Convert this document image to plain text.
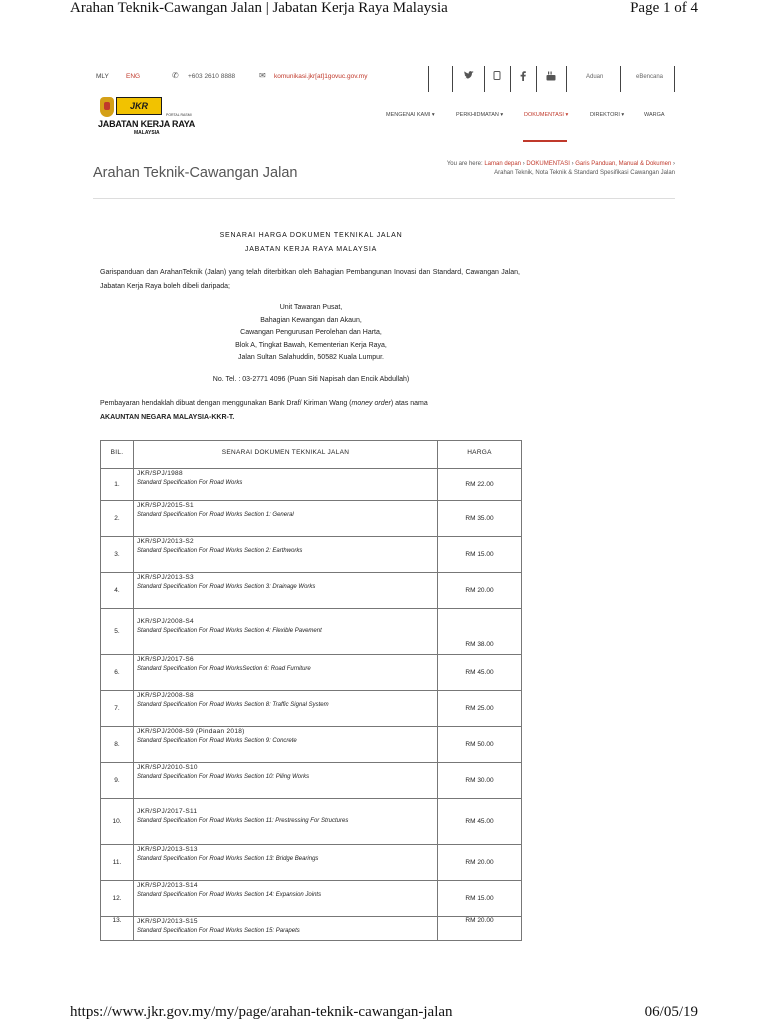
Arahan Teknik-Cawangan Jalan | Jabatan Kerja Raya Malaysia	Page 1 of 4
MLY	ENG	✆ +603 2610 8888	✉ komunikasi.jkr[at]1govuc.gov.my	Aduan	eBencana
JKR
PORTAL RASMI
JABATAN KERJA RAYA
MALAYSIA
MENGENAI KAMI ▾	PERKHIDMATAN ▾	DOKUMENTASI ▾	DIREKTORI ▾	WARGA
Arahan Teknik-Cawangan Jalan
You are here: Laman depan › DOKUMENTASI › Garis Panduan, Manual & Dokumen › Arahan Teknik, Nota Teknik & Standard Spesifikasi Cawangan Jalan
SENARAI HARGA DOKUMEN TEKNIKAL JALAN
JABATAN KERJA RAYA MALAYSIA

Garispanduan dan ArahanTeknik (Jalan) yang telah diterbitkan oleh Bahagian Pembangunan Inovasi dan Standard, Cawangan Jalan, Jabatan Kerja Raya boleh dibeli daripada;

Unit Tawaran Pusat,
Bahagian Kewangan dan Akaun,
Cawangan Pengurusan Perolehan dan Harta,
Blok A, Tingkat Bawah, Kementerian Kerja Raya,
Jalan Sultan Salahuddin, 50582 Kuala Lumpur.
No. Tel. : 03-2771 4096 (Puan Siti Napisah dan Encik Abdullah)

Pembayaran hendaklah dibuat dengan menggunakan Bank Draf/ Kiriman Wang (money order) atas nama
AKAUNTAN NEGARA MALAYSIA-KKR-T.

BIL.	SENARAI DOKUMEN TEKNIKAL JALAN	HARGA
1.	JKR/SPJ/1988
Standard Specification For Road Works	RM 22.00
2.	JKR/SPJ/2015-S1
Standard Specification For Road Works Section 1: General	RM 35.00
3.	JKR/SPJ/2013-S2
Standard Specification For Road Works Section 2: Earthworks	RM 15.00
4.	JKR/SPJ/2013-S3
Standard Specification For Road Works Section 3: Drainage Works	RM 20.00
5.	JKR/SPJ/2008-S4
Standard Specification For Road Works Section 4: Flexible Pavement	RM 38.00
6.	JKR/SPJ/2017-S6
Standard Specification For Road WorksSection 6: Road Furniture	RM 45.00
7.	JKR/SPJ/2008-S8
Standard Specification For Road Works Section 8: Traffic Signal System	RM 25.00
8.	JKR/SPJ/2008-S9 (Pindaan 2018)
Standard Specification For Road Works Section 9: Concrete	RM 50.00
9.	JKR/SPJ/2010-S10
Standard Specification For Road Works Section 10: Piling Works	RM 30.00
10.	JKR/SPJ/2017-S11
Standard Specification For Road Works Section 11: Prestressing For Structures	RM 45.00
11.	JKR/SPJ/2013-S13
Standard Specification For Road Works Section 13: Bridge Bearings	RM 20.00
12.	JKR/SPJ/2013-S14
Standard Specification For Road Works Section 14: Expansion Joints	RM 15.00
13.	JKR/SPJ/2013-S15
Standard Specification For Road Works Section 15: Parapets	RM 20.00
https://www.jkr.gov.my/my/page/arahan-teknik-cawangan-jalan	06/05/19
